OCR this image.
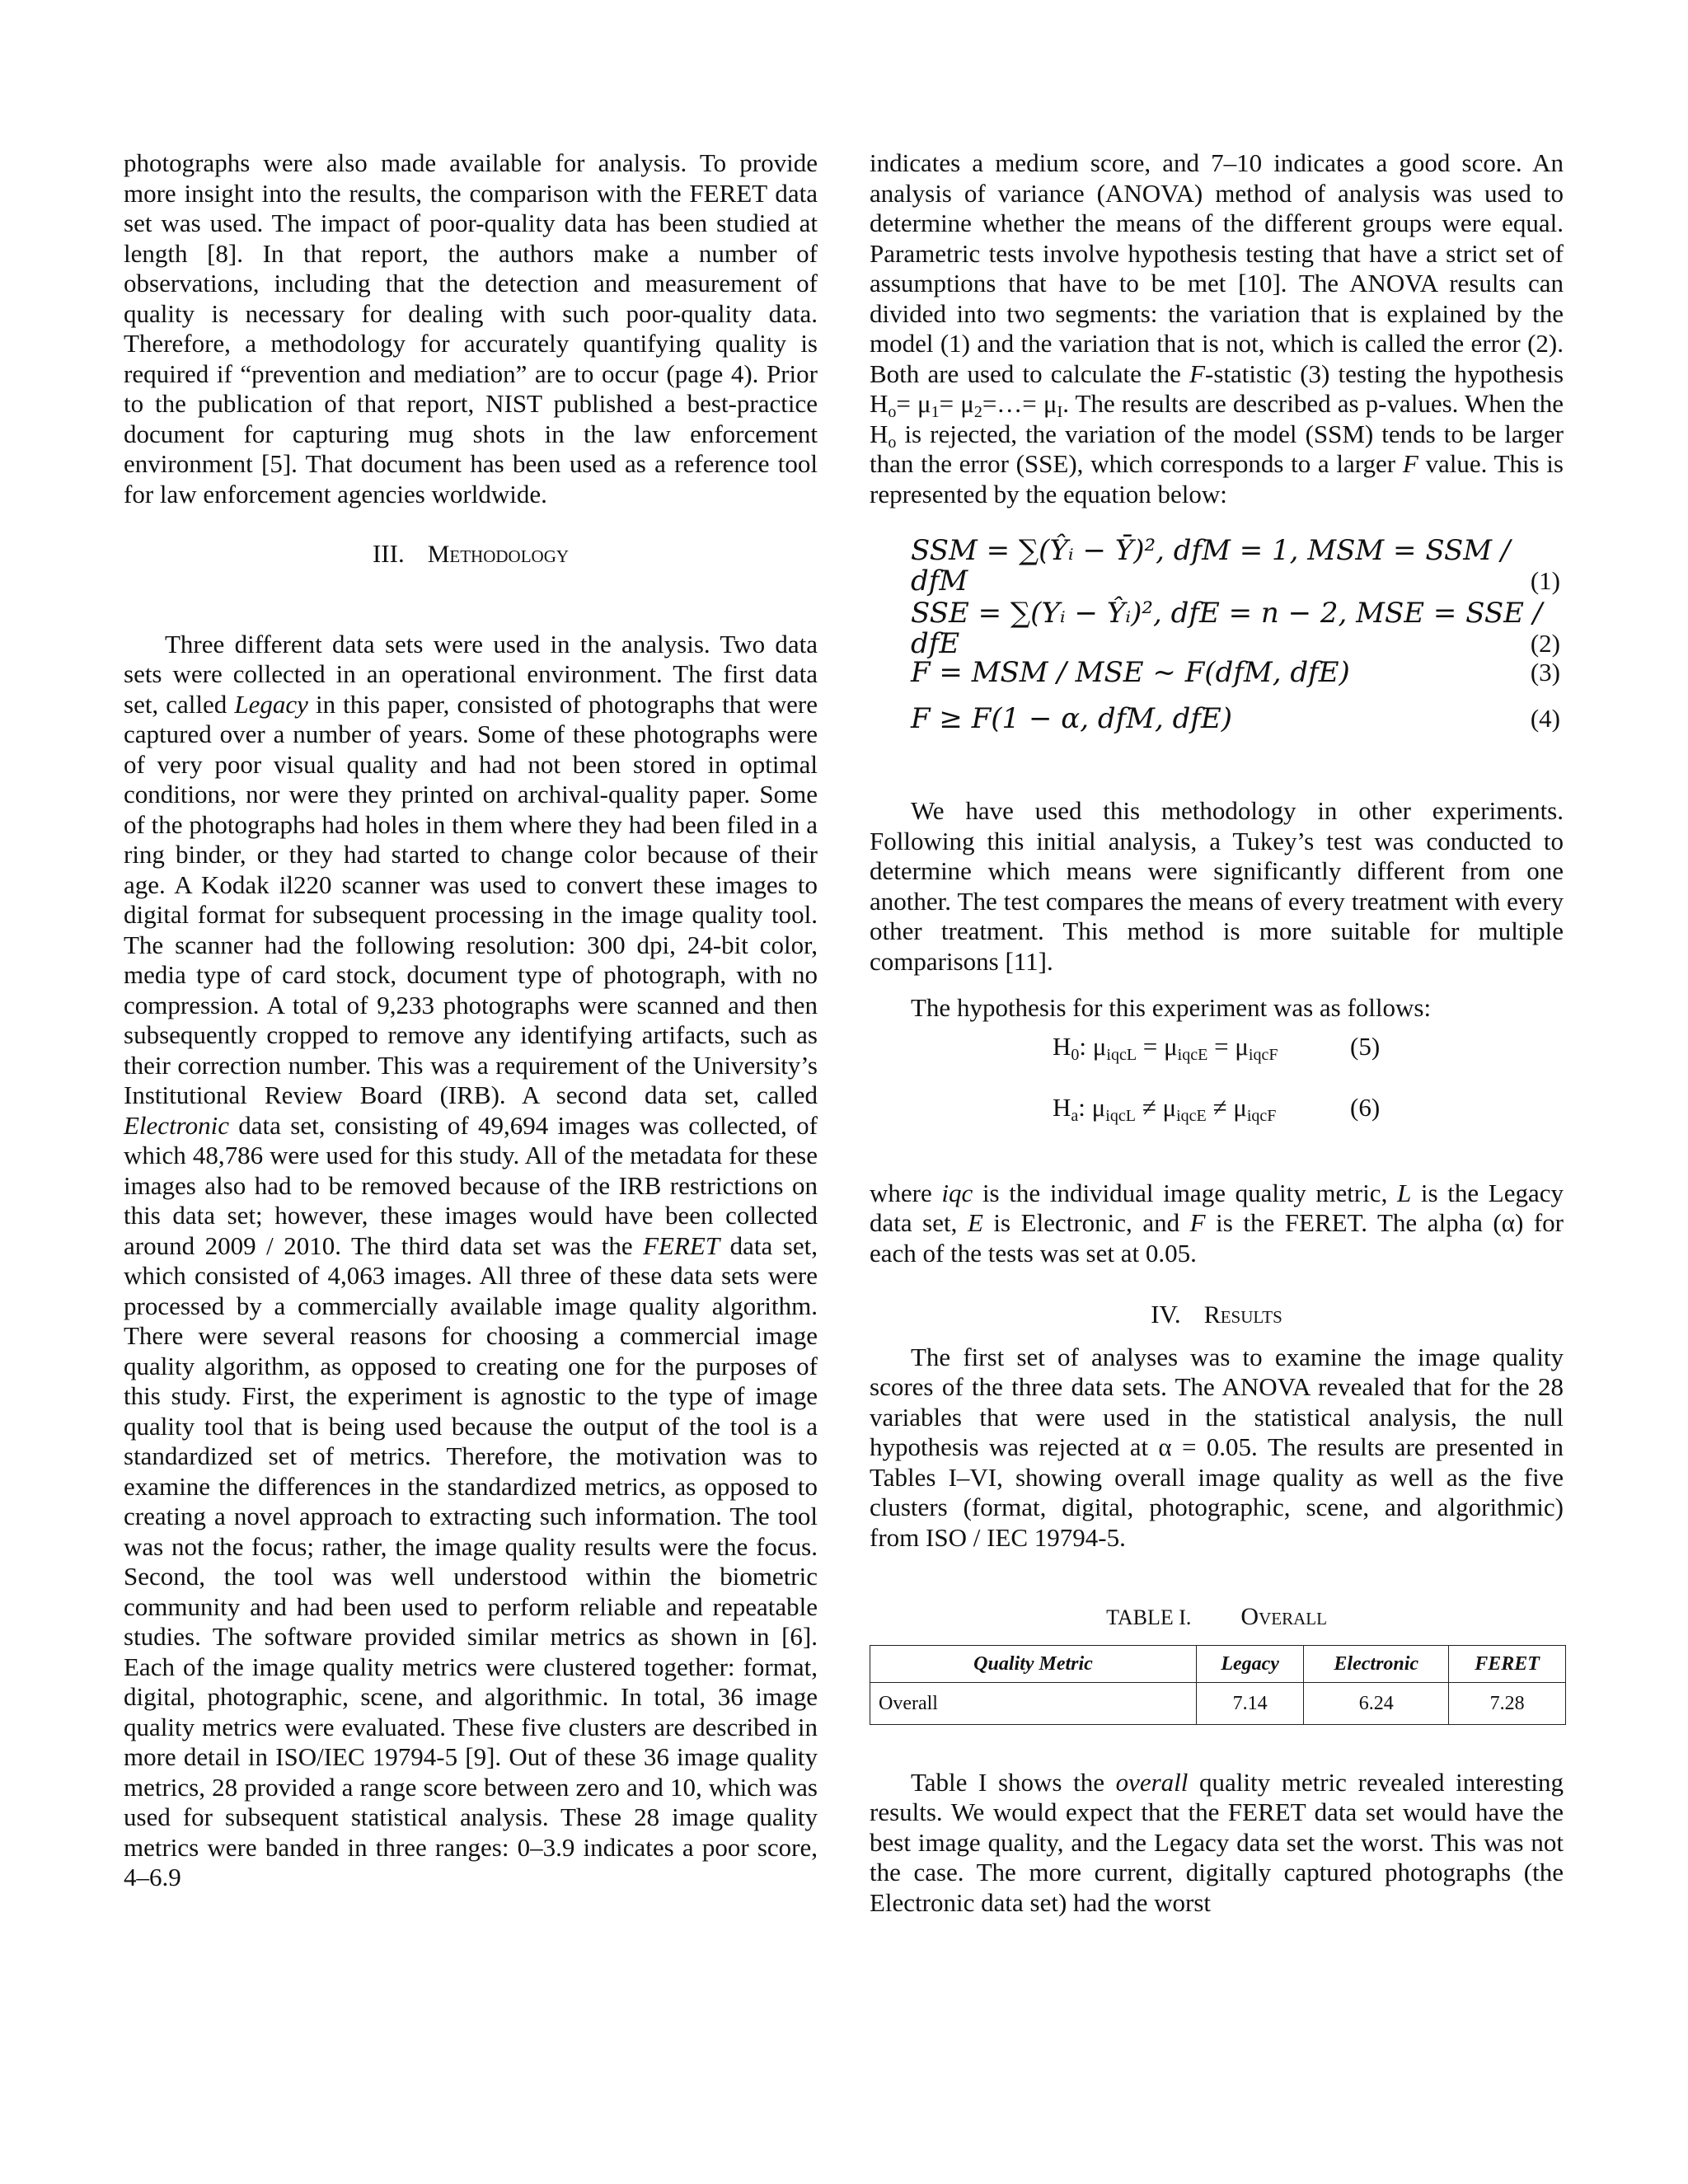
photographs were also made available for analysis. To provide more insight into the results, the comparison with the FERET data set was used. The impact of poor-quality data has been studied at length [8]. In that report, the authors make a number of observations, including that the detection and measurement of quality is necessary for dealing with such poor-quality data. Therefore, a methodology for accurately quantifying quality is required if “prevention and mediation” are to occur (page 4). Prior to the publication of that report, NIST published a best-practice document for capturing mug shots in the law enforcement environment [5]. That document has been used as a reference tool for law enforcement agencies worldwide.

III. Methodology

Three different data sets were used in the analysis. Two data sets were collected in an operational environment. The first data set, called Legacy in this paper, consisted of photographs that were captured over a number of years. Some of these photographs were of very poor visual quality and had not been stored in optimal conditions, nor were they printed on archival-quality paper. Some of the photographs had holes in them where they had been filed in a ring binder, or they had started to change color because of their age. A Kodak il220 scanner was used to convert these images to digital format for subsequent processing in the image quality tool. The scanner had the following resolution: 300 dpi, 24-bit color, media type of card stock, document type of photograph, with no compression. A total of 9,233 photographs were scanned and then subsequently cropped to remove any identifying artifacts, such as their correction number. This was a requirement of the University’s Institutional Review Board (IRB). A second data set, called Electronic data set, consisting of 49,694 images was collected, of which 48,786 were used for this study. All of the metadata for these images also had to be removed because of the IRB restrictions on this data set; however, these images would have been collected around 2009 / 2010. The third data set was the FERET data set, which consisted of 4,063 images. All three of these data sets were processed by a commercially available image quality algorithm. There were several reasons for choosing a commercial image quality algorithm, as opposed to creating one for the purposes of this study. First, the experiment is agnostic to the type of image quality tool that is being used because the output of the tool is a standardized set of metrics. Therefore, the motivation was to examine the differences in the standardized metrics, as opposed to creating a novel approach to extracting such information. The tool was not the focus; rather, the image quality results were the focus. Second, the tool was well understood within the biometric community and had been used to perform reliable and repeatable studies. The software provided similar metrics as shown in [6]. Each of the image quality metrics were clustered together: format, digital, photographic, scene, and algorithmic. In total, 36 image quality metrics were evaluated. These five clusters are described in more detail in ISO/IEC 19794-5 [9]. Out of these 36 image quality metrics, 28 provided a range score between zero and 10, which was used for subsequent statistical analysis. These 28 image quality metrics were banded in three ranges: 0–3.9 indicates a poor score, 4–6.9

indicates a medium score, and 7–10 indicates a good score. An analysis of variance (ANOVA) method of analysis was used to determine whether the means of the different groups were equal. Parametric tests involve hypothesis testing that have a strict set of assumptions that have to be met [10]. The ANOVA results can divided into two segments: the variation that is explained by the model (1) and the variation that is not, which is called the error (2). Both are used to calculate the F-statistic (3) testing the hypothesis $H_o= \mu_1=$ $\mu_2=\dots= \mu_I$. The results are described as p-values. When the $H_o$ is rejected, the variation of the model (SSM) tends to be larger than the error (SSE), which corresponds to a larger F value. This is represented by the equation below:

SSM = ∑(Ŷᵢ − Ȳ)², dfM = 1, MSM = SSM / dfM	(1)
SSE = ∑(Yᵢ − Ŷᵢ)², dfE = n − 2, MSE = SSE / dfE	(2)
F = MSM / MSE ~ F(dfM, dfE)	(3)
F ≥ F(1 − α, dfM, dfE)	(4)

We have used this methodology in other experiments. Following this initial analysis, a Tukey’s test was conducted to determine which means were significantly different from one another. The test compares the means of every treatment with every other treatment. This method is more suitable for multiple comparisons [11].

The hypothesis for this experiment was as follows:

$H_0$: $\mu_{iqcL} = \mu_{iqcE} = \mu_{iqcF}$	(5)
$H_a$: $\mu_{iqcL} \ne \mu_{iqcE} \ne \mu_{iqcF}$	(6)

where iqc is the individual image quality metric, L is the Legacy data set, E is Electronic, and F is the FERET. The alpha (α) for each of the tests was set at 0.05.

IV. Results

The first set of analyses was to examine the image quality scores of the three data sets. The ANOVA revealed that for the 28 variables that were used in the statistical analysis, the null hypothesis was rejected at α = 0.05. The results are presented in Tables I–VI, showing overall image quality as well as the five clusters (format, digital, photographic, scene, and algorithmic) from ISO / IEC 19794-5.

TABLE I. Overall

Quality Metric	Legacy	Electronic	FERET
Overall	7.14	6.24	7.28

Table I shows the overall quality metric revealed interesting results. We would expect that the FERET data set would have the best image quality, and the Legacy data set the worst. This was not the case. The more current, digitally captured photographs (the Electronic data set) had the worst
